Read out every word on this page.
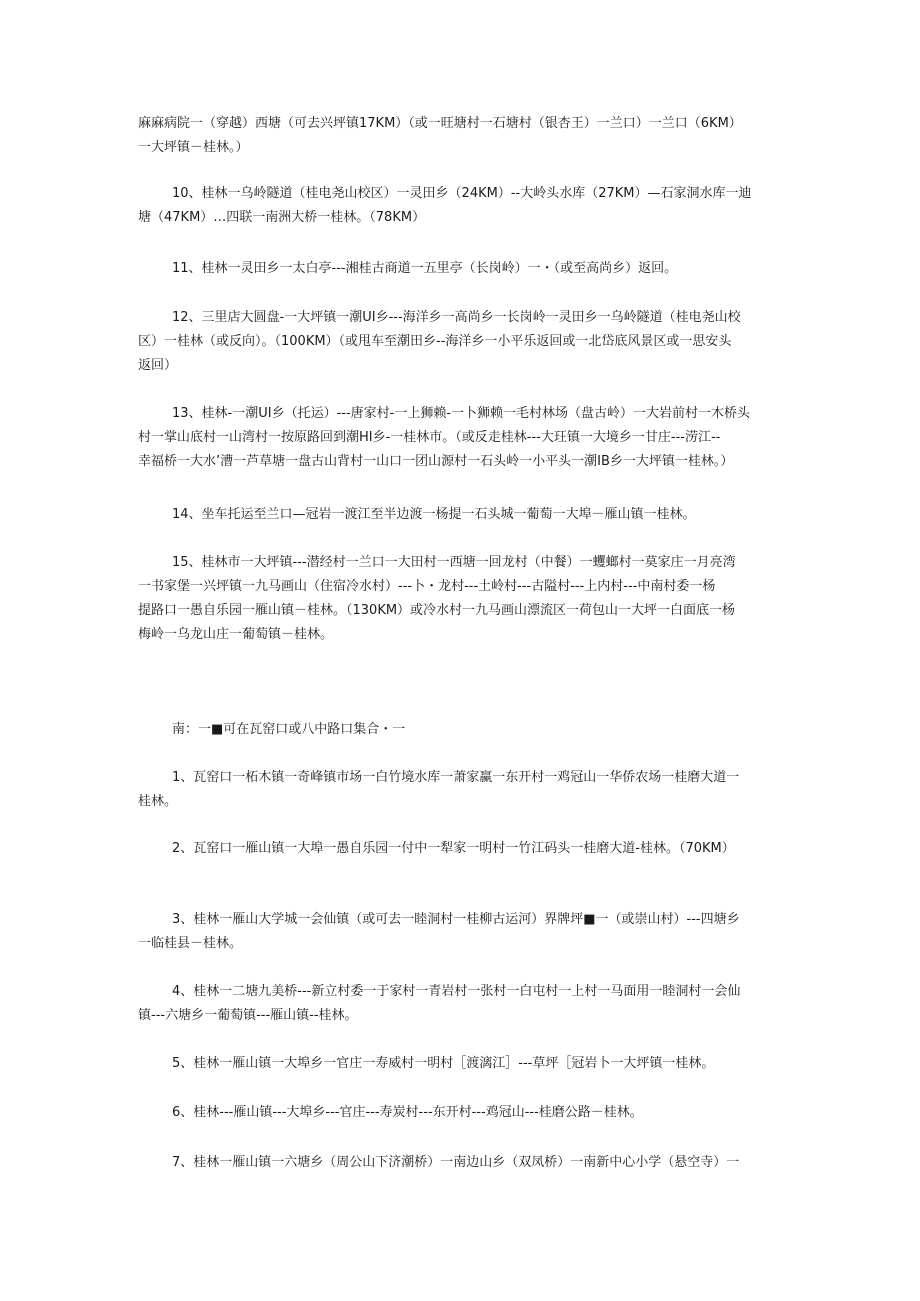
麻麻病院一（穿越）西塘（可去兴坪镇17KM）（或一旺塘村一石塘村（银杏王）一兰口）一兰口（6KM）
一大坪镇－桂林。）
10、桂林一乌岭隧道（桂电尧山校区）一灵田乡（24KM）--大岭头水库（27KM）—石家洞水库一迪
塘（47KM）…四联一南洲大桥一桂林。（78KM）
11、桂林一灵田乡一太白亭---湘桂古商道一五里亭（长岗岭）一・（或至高尚乡）返回。
12、三里店大圆盘-一大坪镇一潮UI乡---海洋乡一高尚乡一长岗岭一灵田乡一乌岭隧道（桂电尧山校
区）一桂林（或反向）。（100KM）（或甩车至潮田乡--海洋乡一小平乐返回或一北岱底风景区或一思安头
返回）
13、桂林-一潮UI乡（托运）---唐家村-一上狮赖-一卜狮赖一毛村林场（盘古岭）一大岩前村一木桥头
村一掌山底村一山湾村一按原路回到潮HI乡-一桂林市。（或反走桂林---大玨镇一大境乡一甘庄---涝江--
幸福桥一大水’漕一芦草塘一盘古山背村一山口一团山源村一石头岭一小平头一潮IB乡一大坪镇一桂林。）
14、坐车托运至兰口—冠岩一渡江至半边渡一杨提一石头城一葡萄一大埠－雁山镇一桂林。
15、桂林市一大坪镇---潜经村一兰口一大田村一西塘一回龙村（中餐）一蠼螂村一莫家庄一月亮湾
一书家堡一兴坪镇一九马画山（住宿冷水村）---卜・龙村---土岭村---古隘村---上内村---中南村委一杨
提路口一愚自乐园一雁山镇－桂林。（130KM）或冷水村一九马画山漂流区一荷包山一大坪一白面底一杨
梅岭一乌龙山庄一葡萄镇－桂林。
南：一■可在瓦窑口或八中路口集合・一
1、瓦窑口一柘木镇一奇峰镇市场一白竹境水库一萧家赢一东开村一鸡冠山一华侨农场一桂磨大道一
桂林。
2、瓦窑口一雁山镇一大埠一愚自乐园一付中一犁家一明村一竹江码头一桂磨大道-桂林。（70KM）
3、桂林一雁山大学城一会仙镇（或可去一睦洞村一桂柳古运河）界牌坪■一（或崇山村）---四塘乡
一临桂县－桂林。
4、桂林一二塘九美桥---新立村委一于家村一青岩村一张村一白屯村一上村一马面用一睦洞村一会仙
镇---六塘乡一葡萄镇---雁山镇--桂林。
5、桂林一雁山镇一大埠乡一官庄一寿威村一明村［渡漓江］---草坪［冠岩卜一大坪镇一桂林。
6、桂林---雁山镇---大埠乡---官庄---寿炭村---东开村---鸡冠山---桂磨公路－桂林。
7、桂林一雁山镇一六塘乡（周公山下济潮桥）一南边山乡（双凤桥）一南新中心小学（悬空寺）一
